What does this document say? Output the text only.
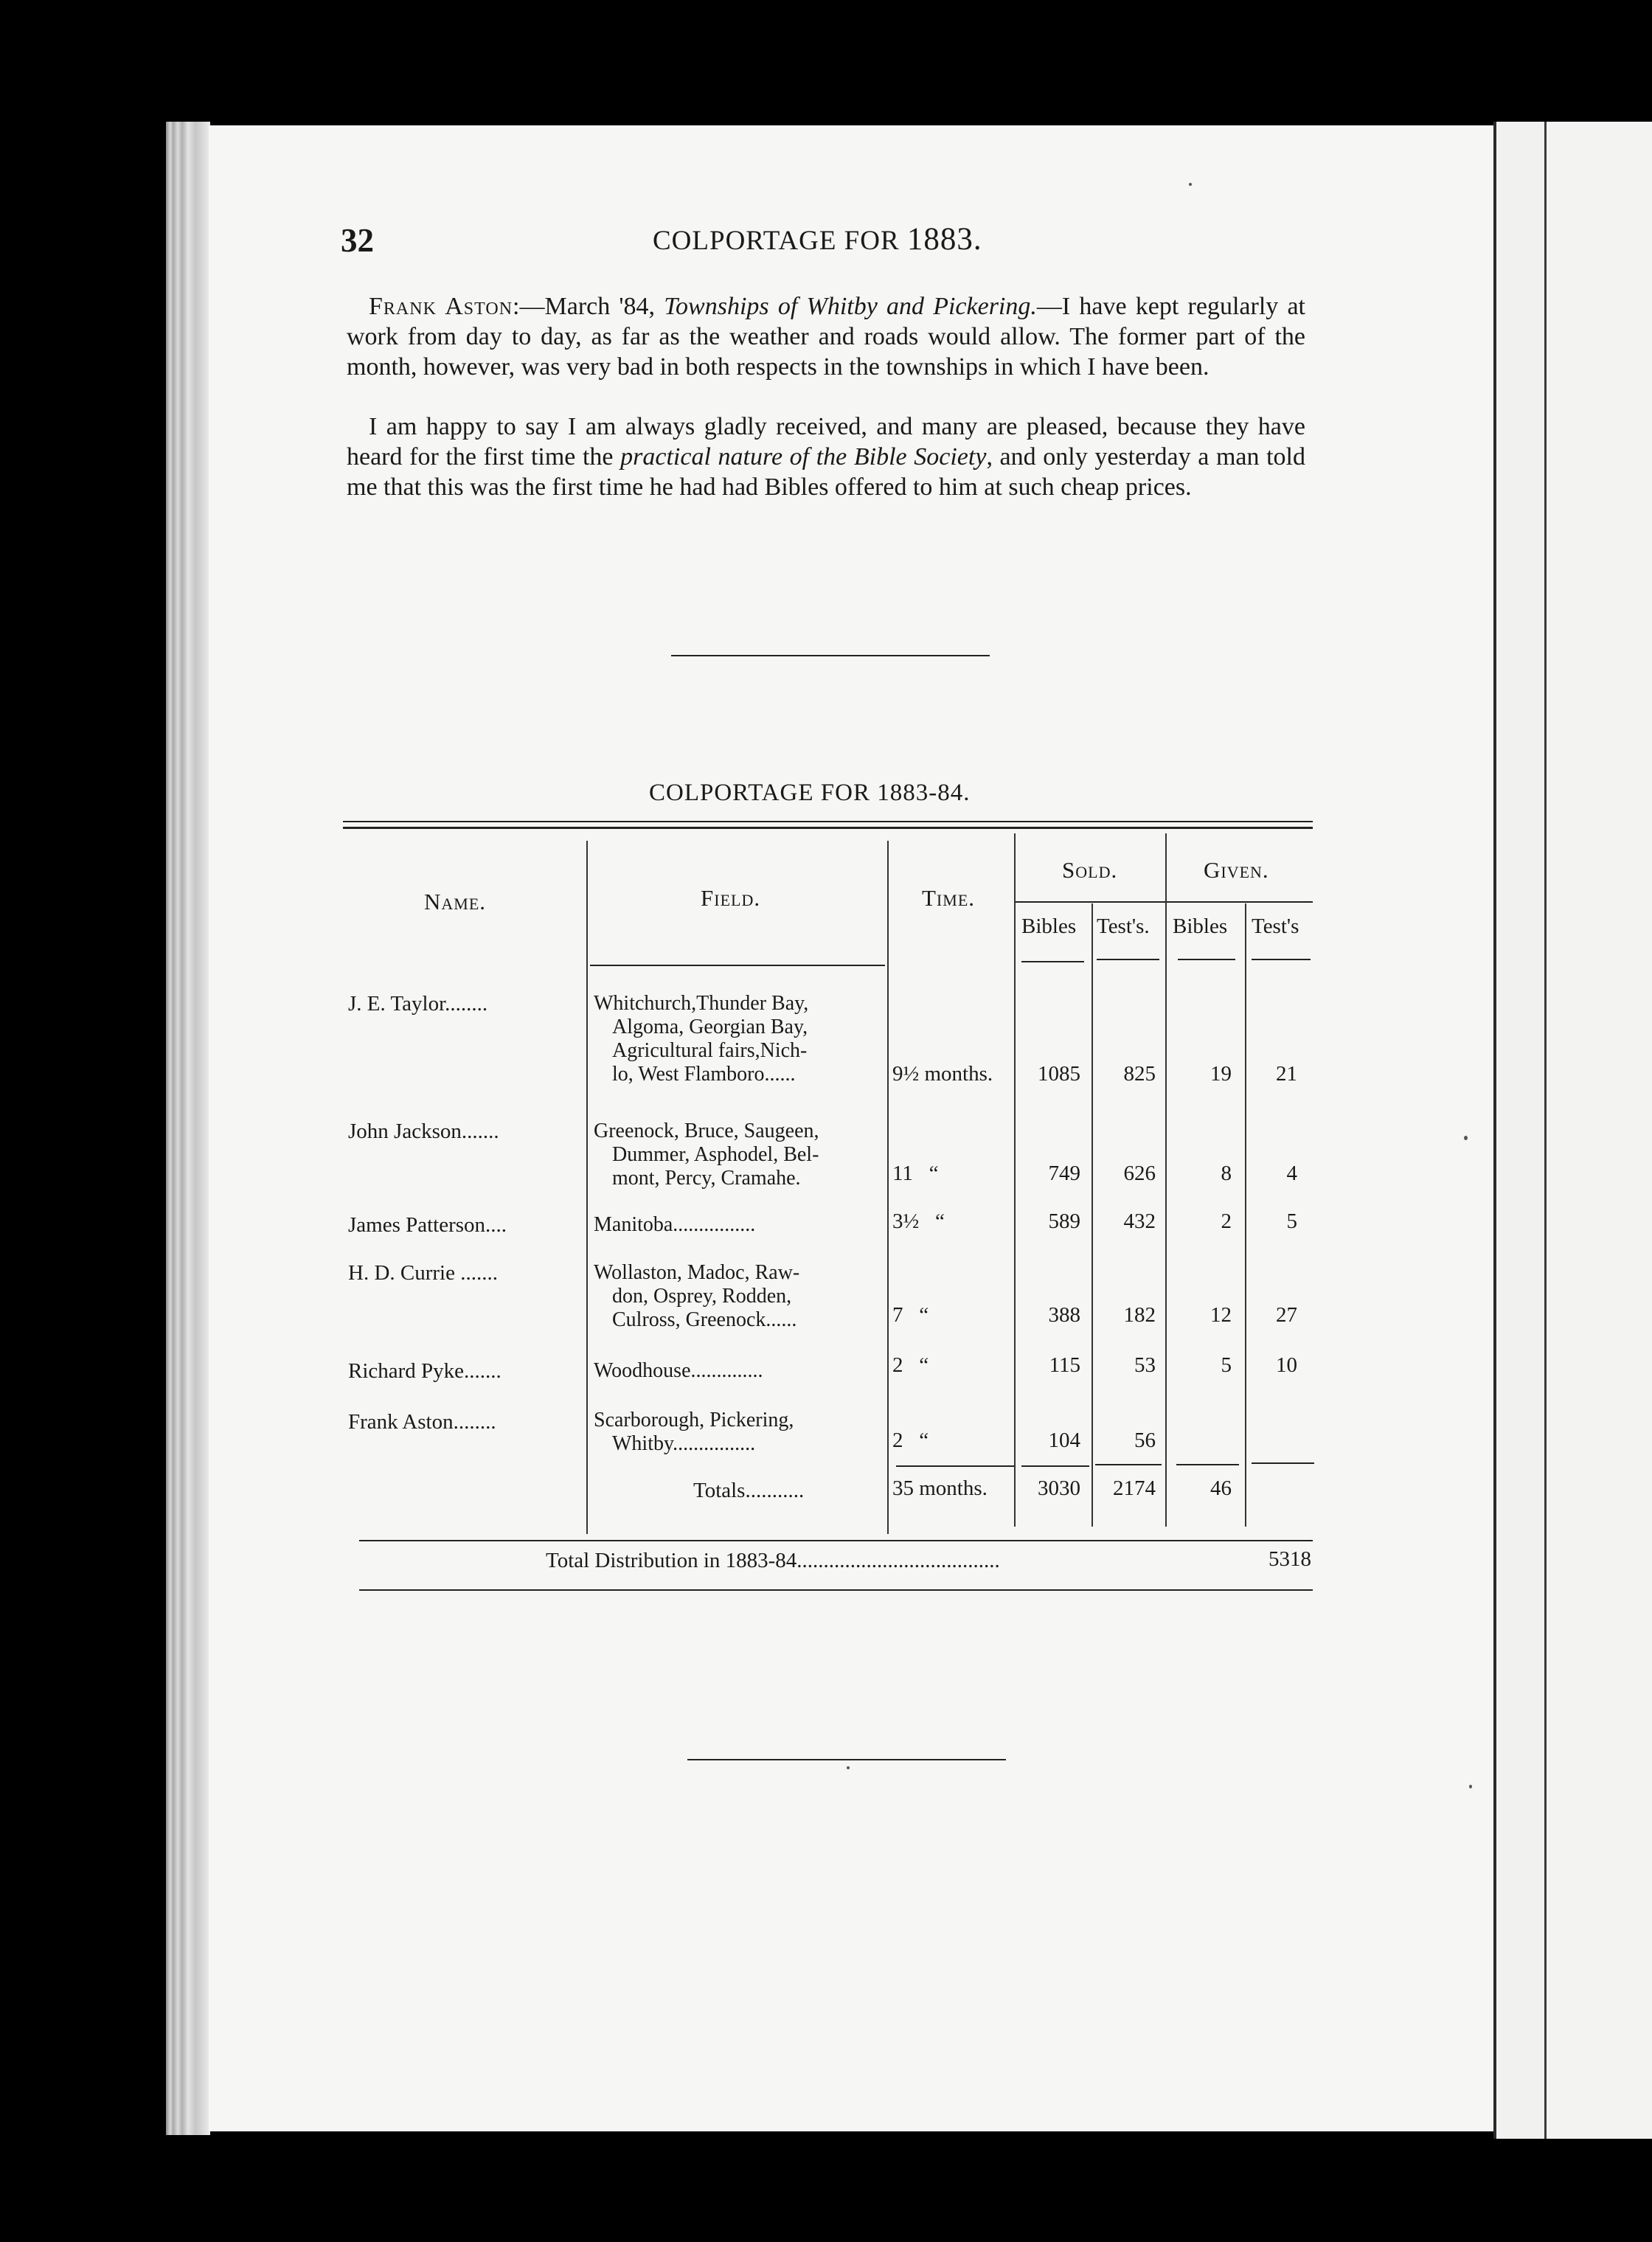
32	COLPORTAGE FOR 1883.

Frank Aston:—March '84, Townships of Whitby and Pickering.—I have kept regularly at work from day to day, as far as the weather and roads would allow. The former part of the month, however, was very bad in both respects in the townships in which I have been.

I am happy to say I am always gladly received, and many are pleased, because they have heard for the first time the practical nature of the Bible Society, and only yesterday a man told me that this was the first time he had had Bibles offered to him at such cheap prices.

COLPORTAGE FOR 1883-84.
Name.	Field.	Time.
Sold.	Given.
Bibles Test's. Bibles Test's
J. E. Taylor........	Whitchurch,Thunder Bay,
Algoma, Georgian Bay,
Agricultural fairs,Nich-
lo, West Flamboro......	9½ months.	1085	825	19	21
John Jackson.......	Greenock, Bruce, Saugeen,
Dummer, Asphodel, Bel-
mont, Percy, Cramahe.	11   “	749	626	8	4
James Patterson....	Manitoba................	3½   “	589	432	2	5
H. D. Currie .......	Wollaston, Madoc, Raw-
don, Osprey, Rodden,
Culross, Greenock......	7   “	388	182	12	27
Richard Pyke.......	Woodhouse..............	2   “	115	53	5	10
Frank Aston........	Scarborough, Pickering,
Whitby................	2   “	104	56
Totals...........	35 months.	3030	2174	46
Total Distribution in 1883-84......................................	5318
